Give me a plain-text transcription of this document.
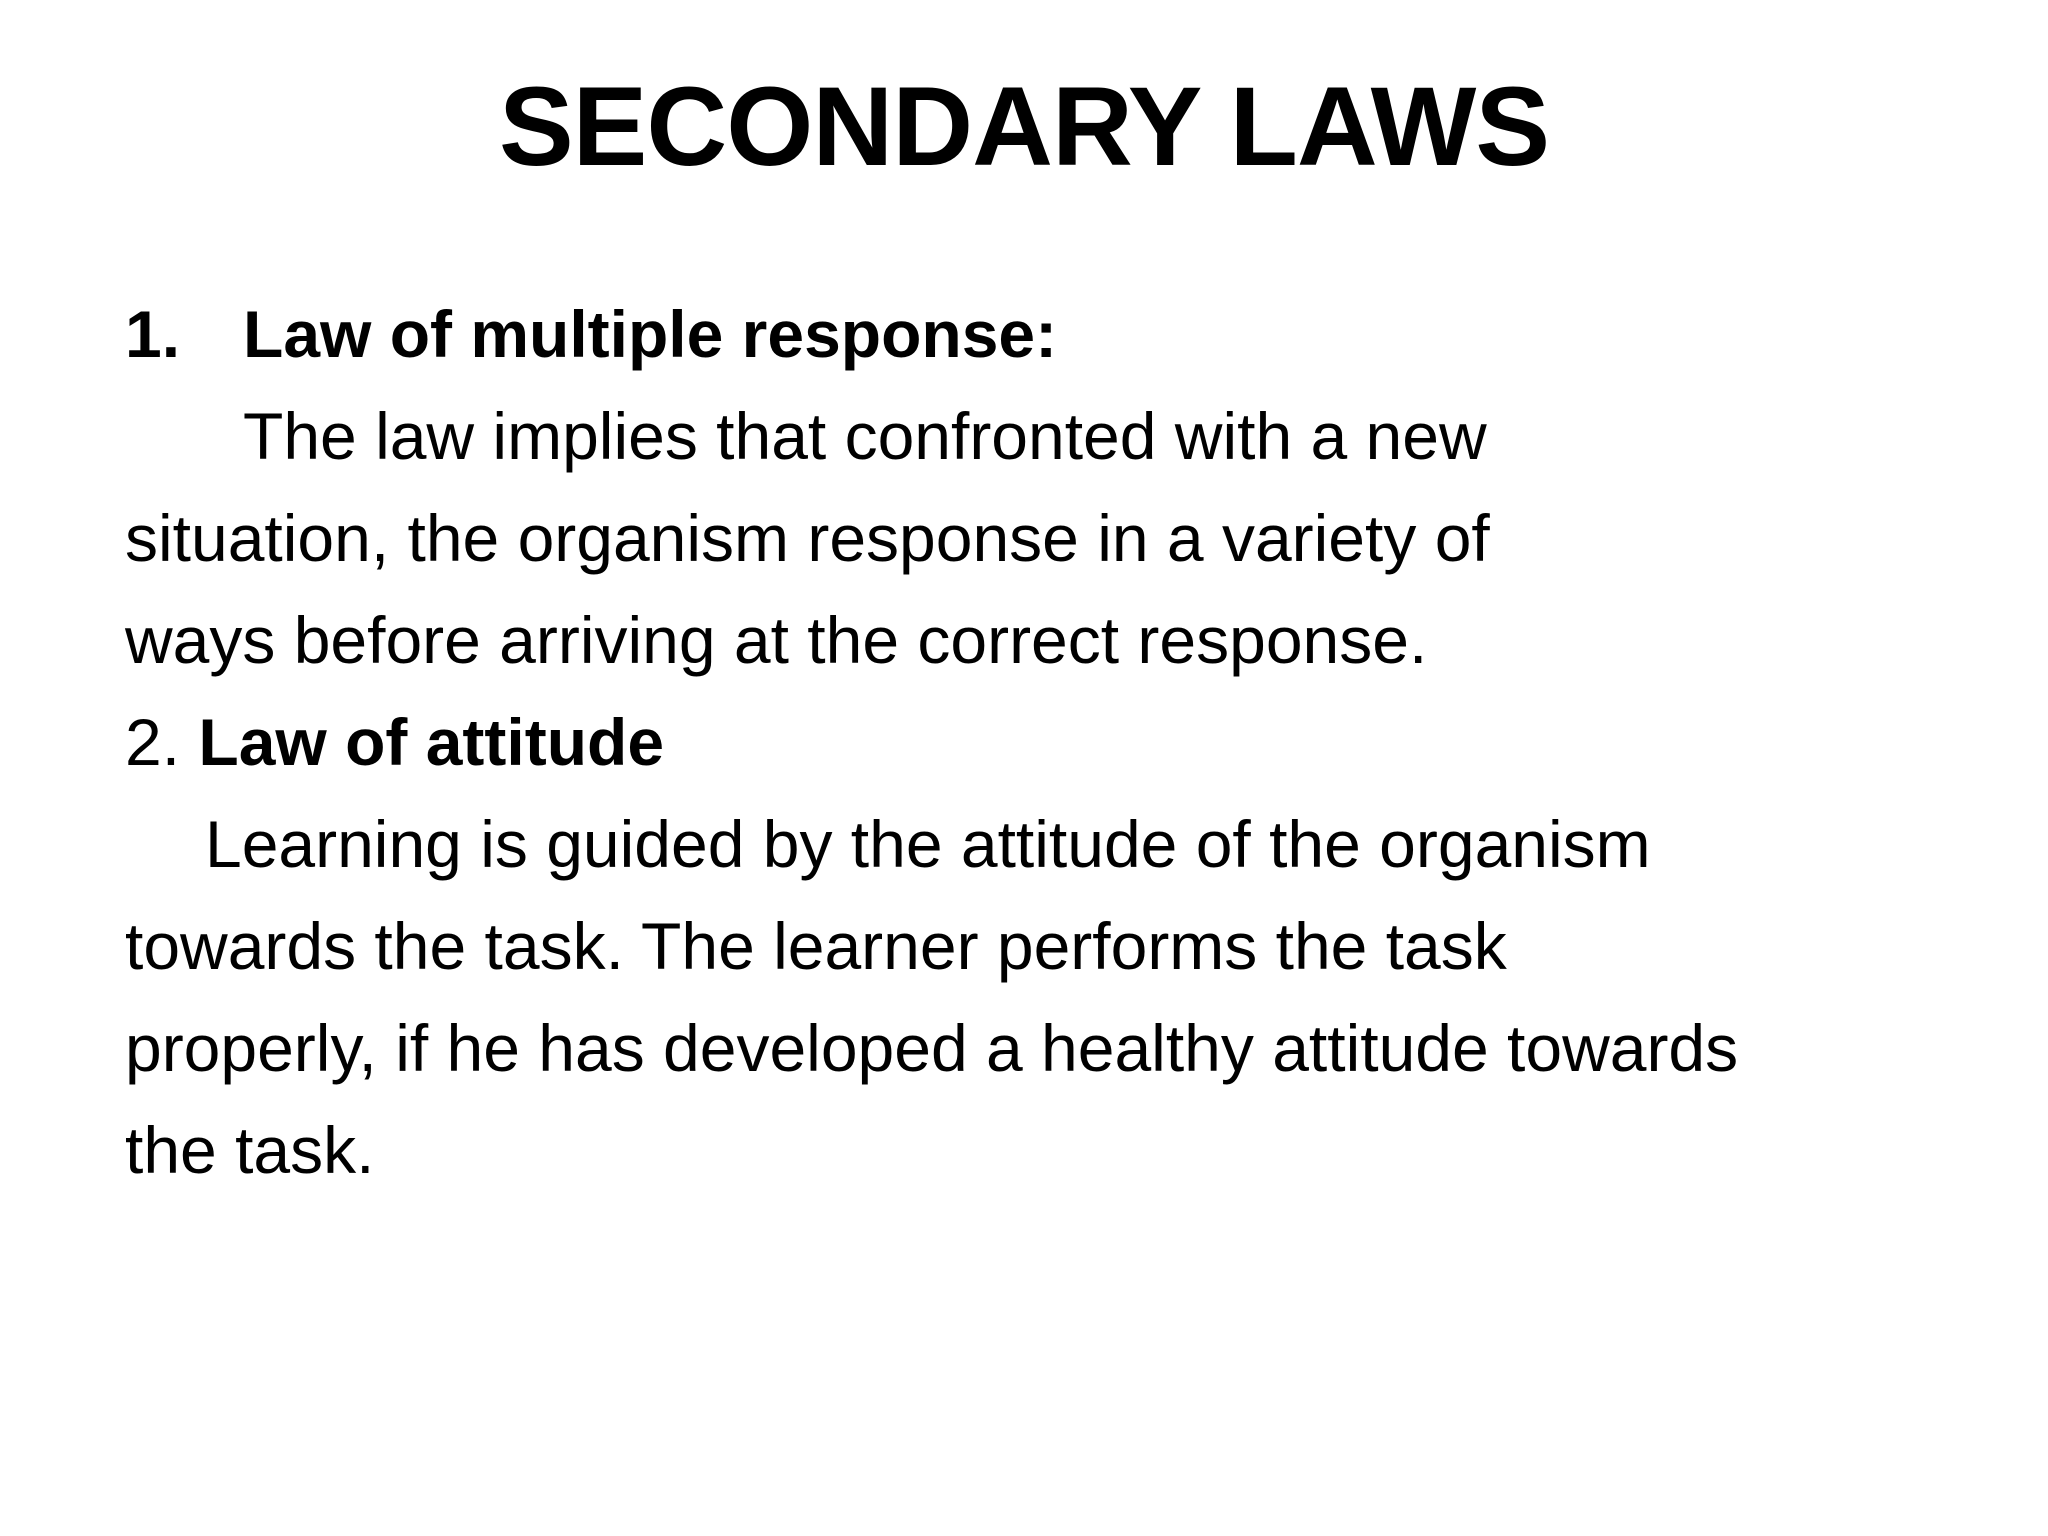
SECONDARY LAWS
1. Law of multiple response:
The law implies that confronted with a new
situation, the organism response in a variety of
ways before arriving at the correct response.
2. Law of attitude
Learning is guided by the attitude of the organism
towards the task. The learner performs the task
properly, if he has developed a healthy attitude towards
the task.
